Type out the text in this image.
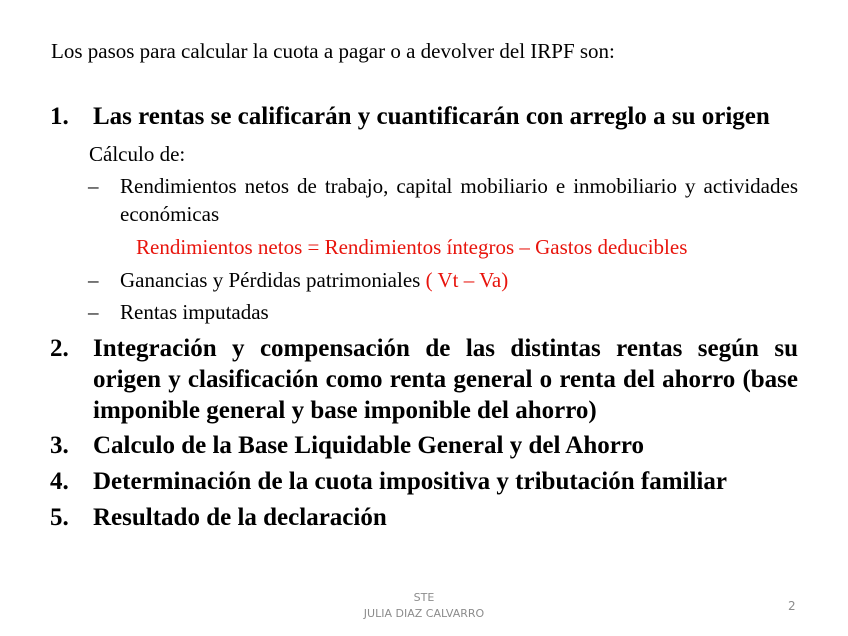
Los pasos para calcular la cuota a pagar o a devolver del IRPF son:
1. Las rentas se calificarán y cuantificarán con arreglo a su origen
Cálculo de:
– Rendimientos netos de trabajo, capital mobiliario e inmobiliario y actividades económicas
Rendimientos netos = Rendimientos íntegros – Gastos deducibles
– Ganancias y Pérdidas patrimoniales ( Vt – Va)
– Rentas imputadas
2. Integración y compensación de las distintas rentas según su origen y clasificación como renta general o renta del ahorro (base imponible general y base imponible del ahorro)
3. Calculo de la Base Liquidable General y del Ahorro
4. Determinación de la cuota impositiva y tributación familiar
5. Resultado de la declaración
STE
JULIA DIAZ CALVARRO
2
